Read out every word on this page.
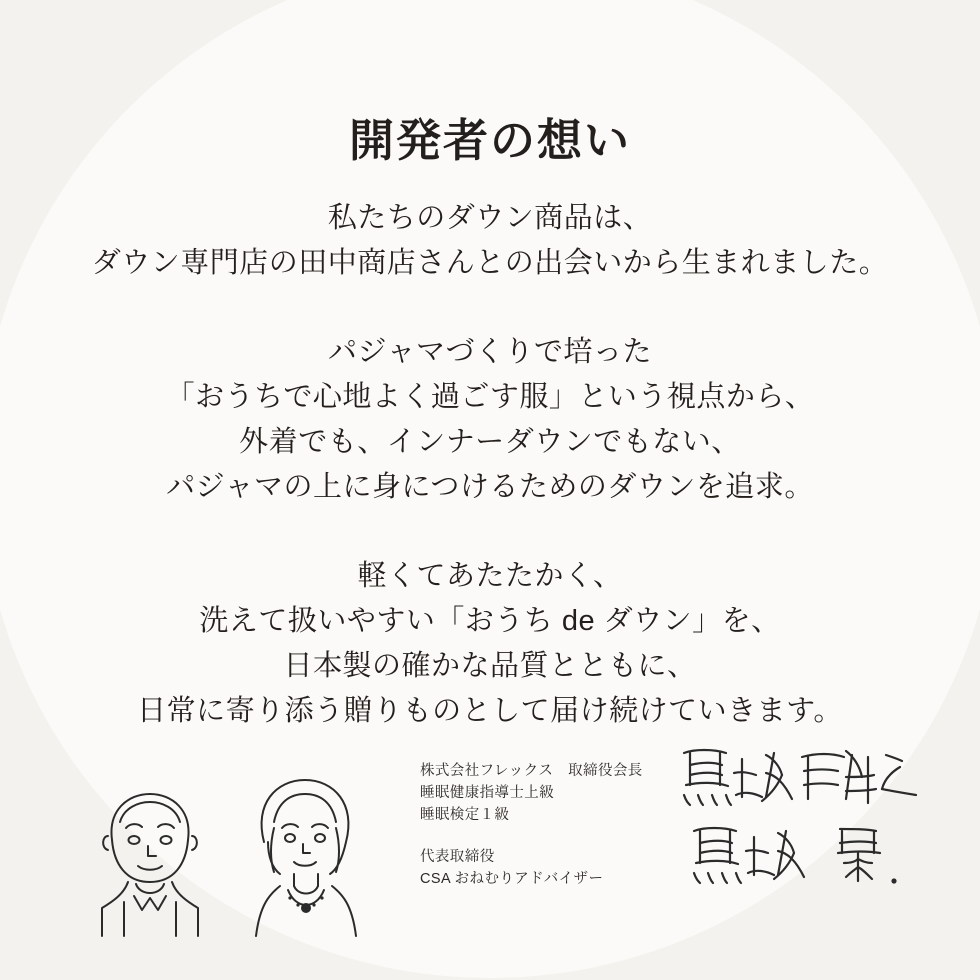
開発者の想い

私たちのダウン商品は、
ダウン専門店の田中商店さんとの出会いから生まれました。

パジャマづくりで培った
「おうちで心地よく過ごす服」という視点から、
外着でも、インナーダウンでもない、
パジャマの上に身につけるためのダウンを追求。

軽くてあたたかく、
洗えて扱いやすい「おうち de ダウン」を、
日本製の確かな品質とともに、
日常に寄り添う贈りものとして届け続けていきます。

株式会社フレックス　取締役会長
睡眠健康指導士上級
睡眠検定１級
代表取締役
CSA おねむりアドバイザー
